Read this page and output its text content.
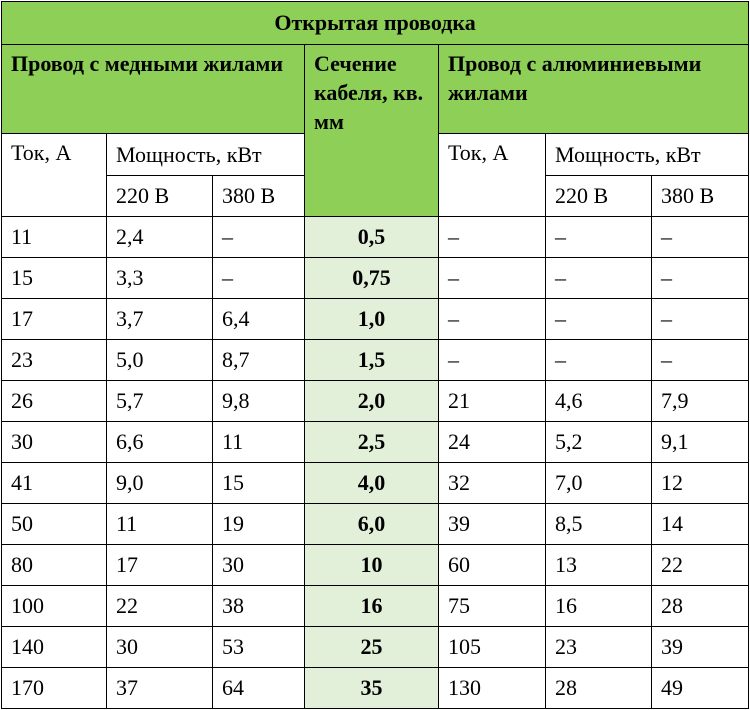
Открытая проводка						
Провод с медными жилами			Сечение кабеля, кв. мм	Провод с алюминиевыми жилами		
Ток, А	Мощность, кВт			Ток, А	Мощность, кВт	
	220 В	380 В			220 В	380 В
11	2,4	–	0,5	–	–	–
15	3,3	–	0,75	–	–	–
17	3,7	6,4	1,0	–	–	–
23	5,0	8,7	1,5	–	–	–
26	5,7	9,8	2,0	21	4,6	7,9
30	6,6	11	2,5	24	5,2	9,1
41	9,0	15	4,0	32	7,0	12
50	11	19	6,0	39	8,5	14
80	17	30	10	60	13	22
100	22	38	16	75	16	28
140	30	53	25	105	23	39
170	37	64	35	130	28	49
